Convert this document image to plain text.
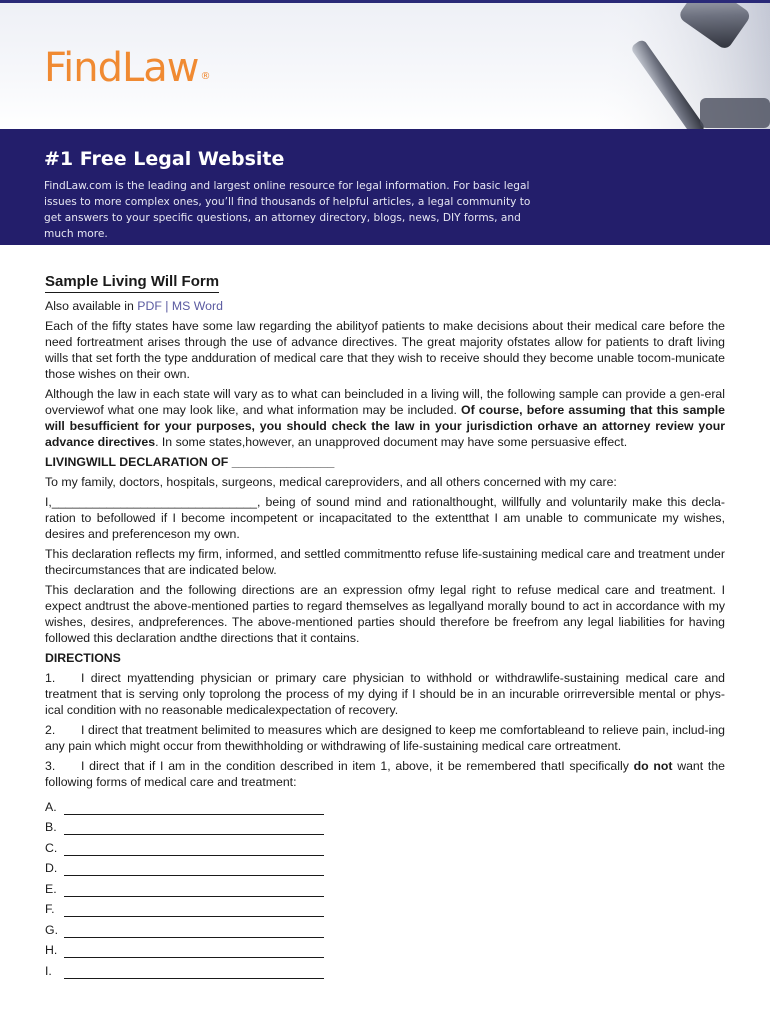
FindLaw ®
#1 Free Legal Website

FindLaw.com is the leading and largest online resource for legal information. For basic legal issues to more complex ones, you’ll find thousands of helpful articles, a legal community to get answers to your specific questions, an attorney directory, blogs, news, DIY forms, and much more.

Sample Living Will Form

Also available in PDF | MS Word

Each of the fifty states have some law regarding the abilityof patients to make decisions about their medical care before the need fortreatment arises through the use of advance directives. The great majority ofstates allow for patients to draft living wills that set forth the type andduration of medical care that they wish to receive should they become unable tocom-municate those wishes on their own.

Although the law in each state will vary as to what can beincluded in a living will, the following sample can provide a gen-eral overviewof what one may look like, and what information may be included. Of course, before assuming that this sample will besufficient for your purposes, you should check the law in your jurisdiction orhave an attorney review your advance directives. In some states,however, an unapproved document may have some persuasive effect.

LIVINGWILL DECLARATION OF _______________

To my family, doctors, hospitals, surgeons, medical careproviders, and all others concerned with my care:

I,______________________________, being of sound mind and rationalthought, willfully and voluntarily make this decla-ration to befollowed if I become incompetent or incapacitated to the extentthat I am unable to communicate my wishes, desires and preferenceson my own.

This declaration reflects my firm, informed, and settled commitmentto refuse life-sustaining medical care and treatment under thecircumstances that are indicated below.

This declaration and the following directions are an expression ofmy legal right to refuse medical care and treatment. I expect andtrust the above-mentioned parties to regard themselves as legallyand morally bound to act in accordance with my wishes, desires, andpreferences. The above-mentioned parties should therefore be freefrom any legal liabilities for having followed this declaration andthe directions that it contains.

DIRECTIONS

1. I direct myattending physician or primary care physician to withhold or withdrawlife-sustaining medical care and treatment that is serving only toprolong the process of my dying if I should be in an incurable orirreversible mental or phys-ical condition with no reasonable medicalexpectation of recovery.

2. I direct that treatment belimited to measures which are designed to keep me comfortableand to relieve pain, includ-ing any pain which might occur from thewithholding or withdrawing of life-sustaining medical care ortreatment.

3. I direct that if I am in the condition described in item 1, above, it be remembered thatI specifically do not want the following forms of medical care and treatment:

A.
B.
C.
D.
E.
F.
G.
H.
I.
